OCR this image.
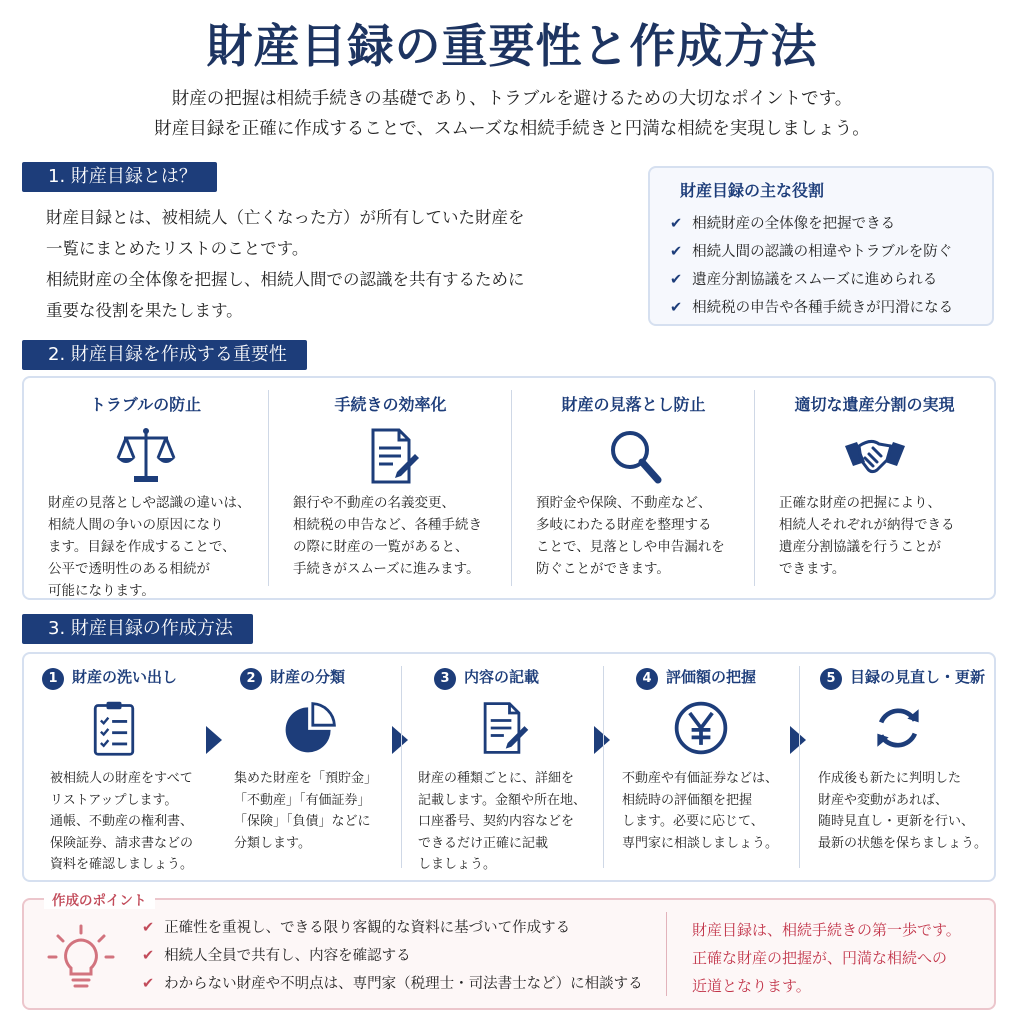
財産目録の重要性と作成方法
財産の把握は相続手続きの基礎であり、トラブルを避けるための大切なポイントです。
財産目録を正確に作成することで、スムーズな相続手続きと円満な相続を実現しましょう。
1. 財産目録とは？
財産目録とは、被相続人（亡くなった方）が所有していた財産を
一覧にまとめたリストのことです。
相続財産の全体像を把握し、相続人間での認識を共有するために
重要な役割を果たします。
財産目録の主な役割
✔ 相続財産の全体像を把握できる
✔ 相続人間の認識の相違やトラブルを防ぐ
✔ 遺産分割協議をスムーズに進められる
✔ 相続税の申告や各種手続きが円滑になる
2. 財産目録を作成する重要性
トラブルの防止
財産の見落としや認識の違いは、
相続人間の争いの原因になり
ます。目録を作成することで、
公平で透明性のある相続が
可能になります。
手続きの効率化
銀行や不動産の名義変更、
相続税の申告など、各種手続き
の際に財産の一覧があると、
手続きがスムーズに進みます。
財産の見落とし防止
預貯金や保険、不動産など、
多岐にわたる財産を整理する
ことで、見落としや申告漏れを
防ぐことができます。
適切な遺産分割の実現
正確な財産の把握により、
相続人それぞれが納得できる
遺産分割協議を行うことが
できます。
3. 財産目録の作成方法
1 財産の洗い出し
被相続人の財産をすべて
リストアップします。
通帳、不動産の権利書、
保険証券、請求書などの
資料を確認しましょう。
2 財産の分類
集めた財産を「預貯金」
「不動産」「有価証券」
「保険」「負債」などに
分類します。
3 内容の記載
財産の種類ごとに、詳細を
記載します。金額や所在地、
口座番号、契約内容などを
できるだけ正確に記載
しましょう。
4 評価額の把握
不動産や有価証券などは、
相続時の評価額を把握
します。必要に応じて、
専門家に相談しましょう。
5 目録の見直し・更新
作成後も新たに判明した
財産や変動があれば、
随時見直し・更新を行い、
最新の状態を保ちましょう。
作成のポイント
✔ 正確性を重視し、できる限り客観的な資料に基づいて作成する
✔ 相続人全員で共有し、内容を確認する
✔ わからない財産や不明点は、専門家（税理士・司法書士など）に相談する
財産目録は、相続手続きの第一歩です。
正確な財産の把握が、円満な相続への
近道となります。
